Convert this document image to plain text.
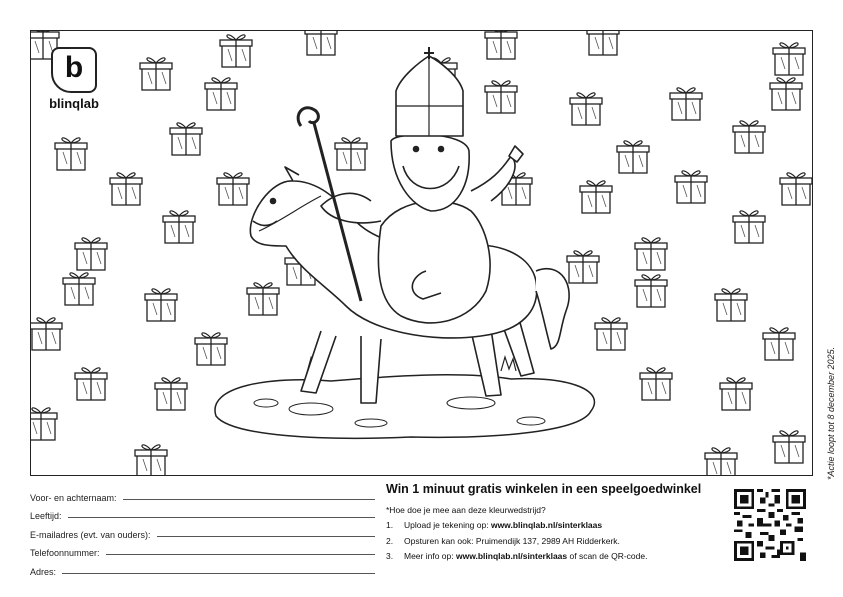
b
blinqlab
*Actie loopt tot 8 december 2025.
Voor- en achternaam:
Leeftijd:
E-mailadres (evt. van ouders):
Telefoonnummer:
Adres:
Win 1 minuut gratis winkelen in een speelgoedwinkel
*Hoe doe je mee aan deze kleurwedstrijd?
1.	Upload je tekening op: www.blinqlab.nl/sinterklaas
2.	Opsturen kan ook: Pruimendijk 137, 2989 AH Ridderkerk.
3.	Meer info op: www.blinqlab.nl/sinterklaas of scan de QR-code.
